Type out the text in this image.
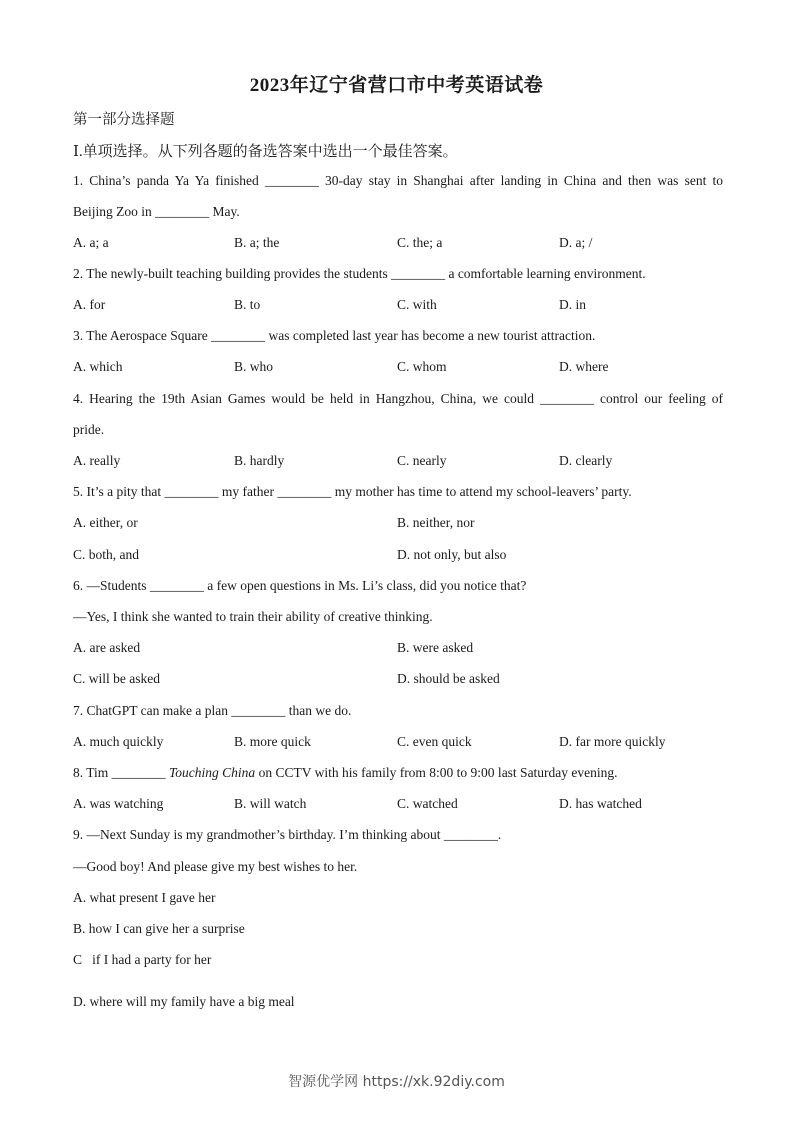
2023年辽宁省营口市中考英语试卷
第一部分选择题
Ⅰ.单项选择。从下列各题的备选答案中选出一个最佳答案。
1. China’s panda Ya Ya finished ________ 30-day stay in Shanghai after landing in China and then was sent to
Beijing Zoo in ________ May.
A. a; a	B. a; the	C. the; a	D. a; /
2. The newly-built teaching building provides the students ________ a comfortable learning environment.
A. for	B. to	C. with	D. in
3. The Aerospace Square ________ was completed last year has become a new tourist attraction.
A. which	B. who	C. whom	D. where
4. Hearing the 19th Asian Games would be held in Hangzhou, China, we could ________ control our feeling of
pride.
A. really	B. hardly	C. nearly	D. clearly
5. It’s a pity that ________ my father ________ my mother has time to attend my school-leavers’ party.
A. either, or	B. neither, nor
C. both, and	D. not only, but also
6. —Students ________ a few open questions in Ms. Li’s class, did you notice that?
—Yes, I think she wanted to train their ability of creative thinking.
A. are asked	B. were asked
C. will be asked	D. should be asked
7. ChatGPT can make a plan ________ than we do.
A. much quickly	B. more quick	C. even quick	D. far more quickly
8. Tim ________ Touching China on CCTV with his family from 8:00 to 9:00 last Saturday evening.
A. was watching	B. will watch	C. watched	D. has watched
9. —Next Sunday is my grandmother’s birthday. I’m thinking about ________.
—Good boy! And please give my best wishes to her.
A. what present I gave her
B. how I can give her a surprise
C   if I had a party for her
D. where will my family have a big meal
智源优学网 https://xk.92diy.com
